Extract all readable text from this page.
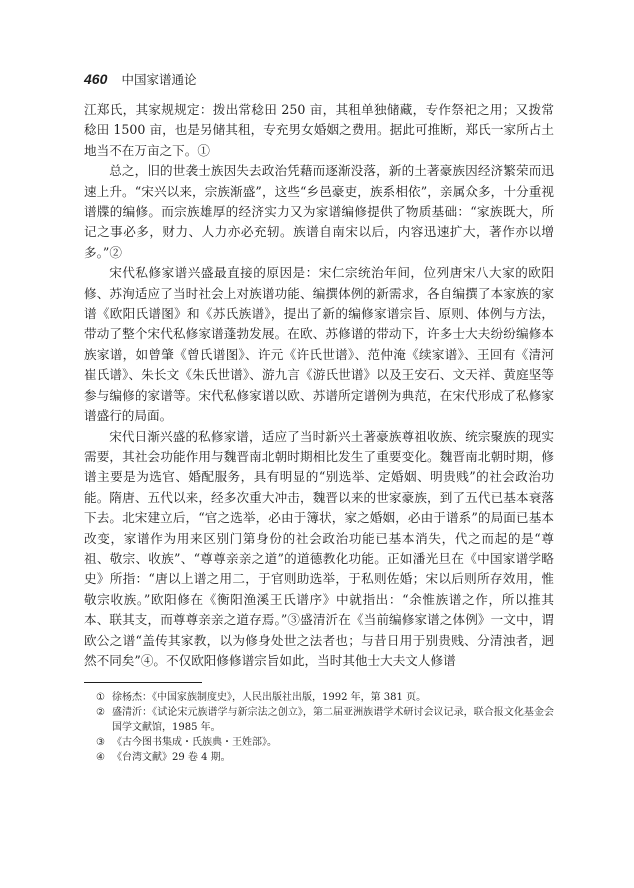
460 中国家谱通论

江郑氏，其家规规定：拨出常稔田 250 亩，其租单独储藏，专作祭祀之用；又拨常稔田 1500 亩，也是另储其租，专充男女婚姻之费用。据此可推断，郑氏一家所占土地当不在万亩之下。①

总之，旧的世袭士族因失去政治凭藉而逐渐没落，新的土著豪族因经济繁荣而迅速上升。“宋兴以来，宗族渐盛”，这些“乡邑豪吏，族系相依”，亲属众多，十分重视谱牒的编修。而宗族雄厚的经济实力又为家谱编修提供了物质基础：“家族既大，所记之事必多，财力、人力亦必充轫。族谱自南宋以后，内容迅速扩大，著作亦以增多。”②

宋代私修家谱兴盛最直接的原因是：宋仁宗统治年间，位列唐宋八大家的欧阳修、苏洵适应了当时社会上对族谱功能、编撰体例的新需求，各自编撰了本家族的家谱《欧阳氏谱图》和《苏氏族谱》，提出了新的编修家谱宗旨、原则、体例与方法，带动了整个宋代私修家谱蓬勃发展。在欧、苏修谱的带动下，许多士大夫纷纷编修本族家谱，如曾肇《曾氏谱图》、许元《许氏世谱》、范仲淹《续家谱》、王回有《清河崔氏谱》、朱长文《朱氏世谱》、游九言《游氏世谱》以及王安石、文天祥、黄庭坚等参与编修的家谱等。宋代私修家谱以欧、苏谱所定谱例为典范，在宋代形成了私修家谱盛行的局面。

宋代日渐兴盛的私修家谱，适应了当时新兴土著豪族尊祖收族、统宗聚族的现实需要，其社会功能作用与魏晋南北朝时期相比发生了重要变化。魏晋南北朝时期，修谱主要是为选官、婚配服务，具有明显的“别选举、定婚姻、明贵贱”的社会政治功能。隋唐、五代以来，经多次重大冲击，魏晋以来的世家豪族，到了五代已基本衰落下去。北宋建立后，“官之选举，必由于簿状，家之婚姻，必由于谱系”的局面已基本改变，家谱作为用来区别门第身份的社会政治功能已基本消失，代之而起的是“尊祖、敬宗、收族”、“尊尊亲亲之道”的道德教化功能。正如潘光旦在《中国家谱学略史》所指：“唐以上谱之用二，于官则助选举，于私则佐婚；宋以后则所存效用，惟敬宗收族。”欧阳修在《衡阳渔溪王氏谱序》中就指出：“余惟族谱之作，所以推其本、联其支，而尊尊亲亲之道存焉。”③盛清沂在《当前编修家谱之体例》一文中，谓欧公之谱“盖传其家教，以为修身处世之法者也；与昔日用于别贵贱、分清浊者，迥然不同矣”④。不仅欧阳修修谱宗旨如此，当时其他士大夫文人修谱

① 徐杨杰：《中国家族制度史》，人民出版社出版，1992 年，第 381 页。
② 盛清沂：《试论宋元族谱学与新宗法之创立》，第二届亚洲族谱学术研讨会议记录，联合报文化基金会国学文献馆，1985 年。
③ 《古今图书集成・氏族典・王姓部》。
④ 《台湾文献》29 卷 4 期。
